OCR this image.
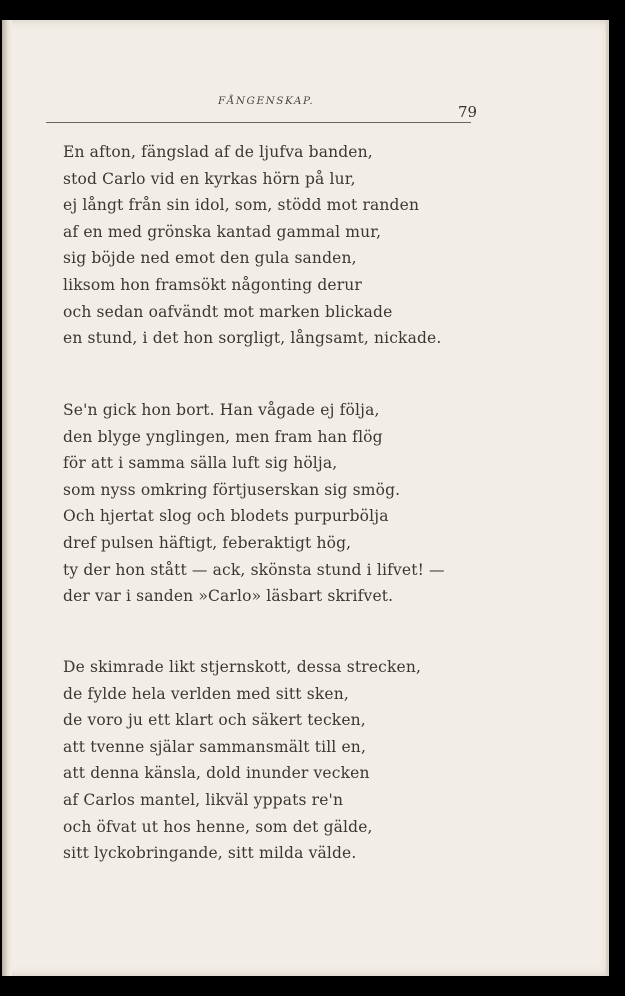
FÅNGENSKAP.
79
En afton, fängslad af de ljufva banden,
stod Carlo vid en kyrkas hörn på lur,
ej långt från sin idol, som, stödd mot randen
af en med grönska kantad gammal mur,
sig böjde ned emot den gula sanden,
liksom hon framsökt någonting derur
och sedan oafvändt mot marken blickade
en stund, i det hon sorgligt, långsamt, nickade.
Se'n gick hon bort. Han vågade ej följa,
den blyge ynglingen, men fram han flög
för att i samma sälla luft sig hölja,
som nyss omkring förtjuserskan sig smög.
Och hjertat slog och blodets purpurbölja
dref pulsen häftigt, feberaktigt hög,
ty der hon stått — ack, skönsta stund i lifvet! —
der var i sanden »Carlo» läsbart skrifvet.
De skimrade likt stjernskott, dessa strecken,
de fylde hela verlden med sitt sken,
de voro ju ett klart och säkert tecken,
att tvenne själar sammansmält till en,
att denna känsla, dold inunder vecken
af Carlos mantel, likväl yppats re'n
och öfvat ut hos henne, som det gälde,
sitt lyckobringande, sitt milda välde.
